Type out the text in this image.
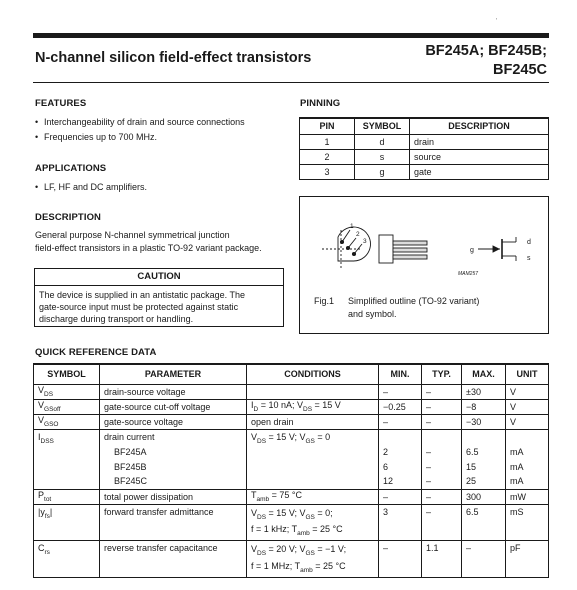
'
N-channel silicon field-effect transistors	BF245A; BF245B;
BF245C
FEATURES
• Interchangeability of drain and source connections
• Frequencies up to 700 MHz.
APPLICATIONS
• LF, HF and DC amplifiers.
DESCRIPTION
General purpose N-channel symmetrical junction
field-effect transistors in a plastic TO-92 variant package.
CAUTION
The device is supplied in an antistatic package. The
gate-source input must be protected against static
discharge during transport or handling.
PINNING
PIN	SYMBOL	DESCRIPTION
1	d	drain
2	s	source
3	g	gate
1
2
3
g
d
s
MAM257
Fig.1	Simplified outline (TO-92 variant)
and symbol.
QUICK REFERENCE DATA
SYMBOL	PARAMETER	CONDITIONS	MIN.	TYP.	MAX.	UNIT
$V_{DS}$	drain-source voltage		–	–	±30	V
$V_{GSoff}$	gate-source cut-off voltage	$I_D = 10$ nA; $V_{DS} = 15$ V	−0.25	–	−8	V
$V_{GSO}$	gate-source voltage	open drain	–	–	−30	V
$I_{DSS}$	drain current	$V_{DS} = 15$ V; $V_{GS} = 0$				
	BF245A		2	–	6.5	mA
	BF245B		6	–	15	mA
	BF245C		12	–	25	mA
$P_{tot}$	total power dissipation	$T_{amb} = 75$ °C	–	–	300	mW
$|y_{fs}|$	forward transfer admittance	$V_{DS} = 15$ V; $V_{GS} = 0$;
f = 1 kHz; $T_{amb} = 25$ °C	3	–	6.5	mS
$C_{rs}$	reverse transfer capacitance	$V_{DS} = 20$ V; $V_{GS} = -1$ V;
f = 1 MHz; $T_{amb} = 25$ °C	–	1.1	–	pF
